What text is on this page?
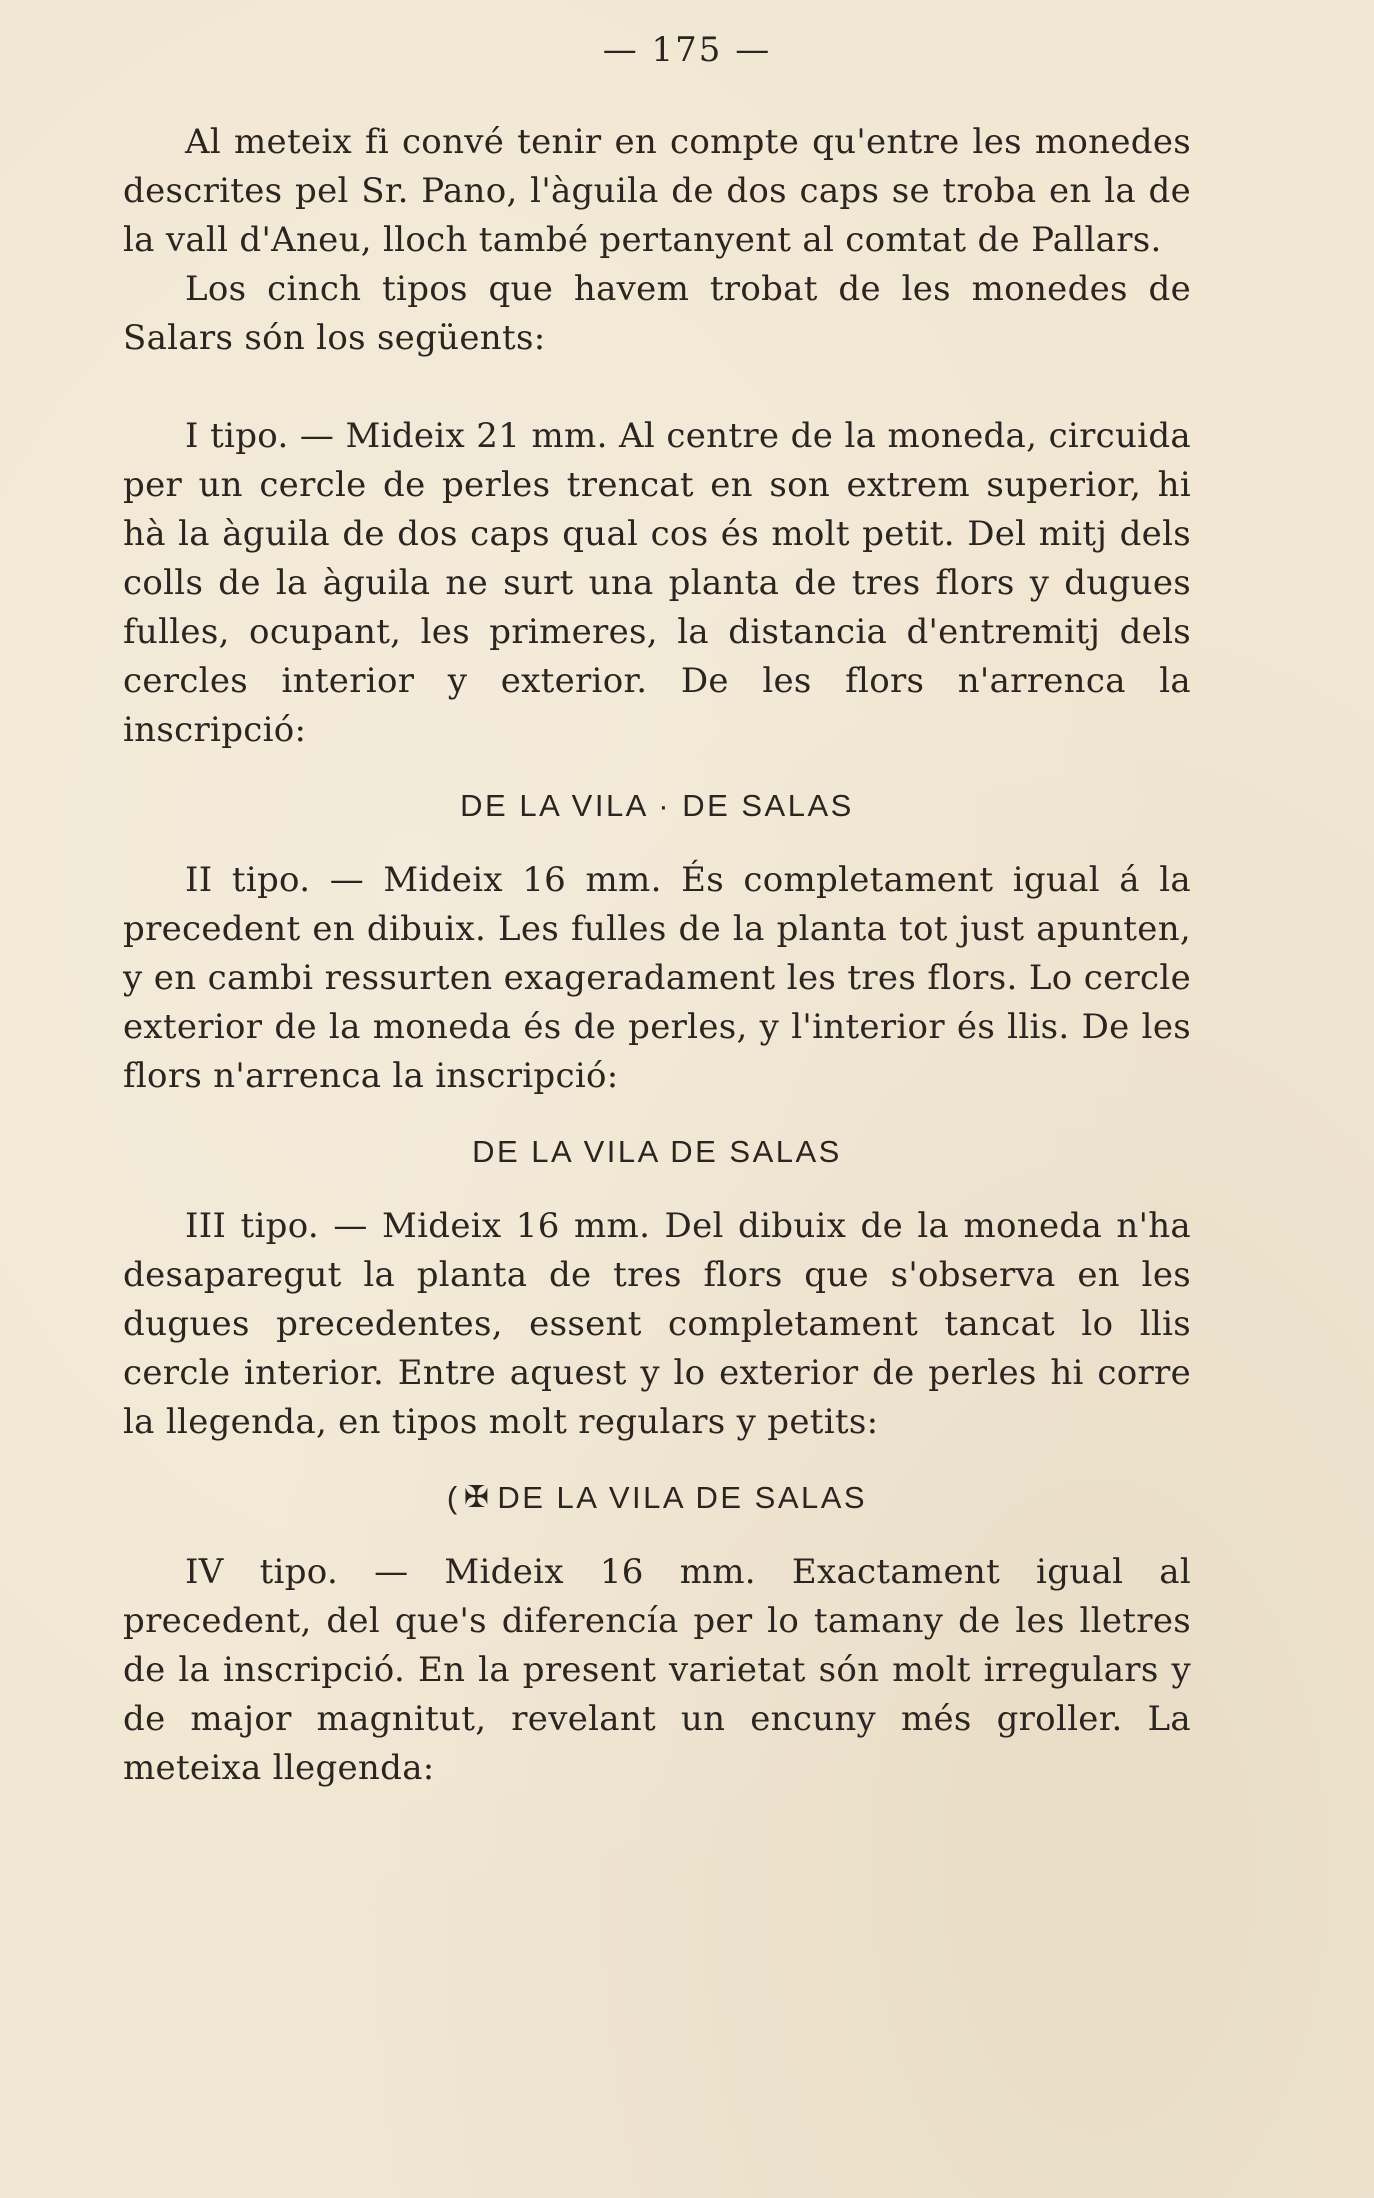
— 175 —

Al meteix fi convé tenir en compte qu'entre les monedes descrites pel Sr. Pano, l'àguila de dos caps se troba en la de la vall d'Aneu, lloch també pertanyent al comtat de Pallars.

Los cinch tipos que havem trobat de les monedes de Salars són los següents:

I tipo. — Mideix 21 mm. Al centre de la moneda, circuida per un cercle de perles trencat en son extrem superior, hi hà la àguila de dos caps qual cos és molt petit. Del mitj dels colls de la àguila ne surt una planta de tres flors y dugues fulles, ocupant, les primeres, la distancia d'entremitj dels cercles interior y exterior. De les flors n'arrenca la inscripció:

DE LA VILA · DE SALAS

II tipo. — Mideix 16 mm. És completament igual á la precedent en dibuix. Les fulles de la planta tot just apunten, y en cambi ressurten exageradament les tres flors. Lo cercle exterior de la moneda és de perles, y l'interior és llis. De les flors n'arrenca la inscripció:

DE LA VILA DE SALAS

III tipo. — Mideix 16 mm. Del dibuix de la moneda n'ha desaparegut la planta de tres flors que s'observa en les dugues precedentes, essent completament tancat lo llis cercle interior. Entre aquest y lo exterior de perles hi corre la llegenda, en tipos molt regulars y petits:

( ✠ DE LA VILA DE SALAS

IV tipo. — Mideix 16 mm. Exactament igual al precedent, del que's diferencía per lo tamany de les lletres de la inscripció. En la present varietat són molt irregulars y de major magnitut, revelant un encuny més groller. La meteixa llegenda:
